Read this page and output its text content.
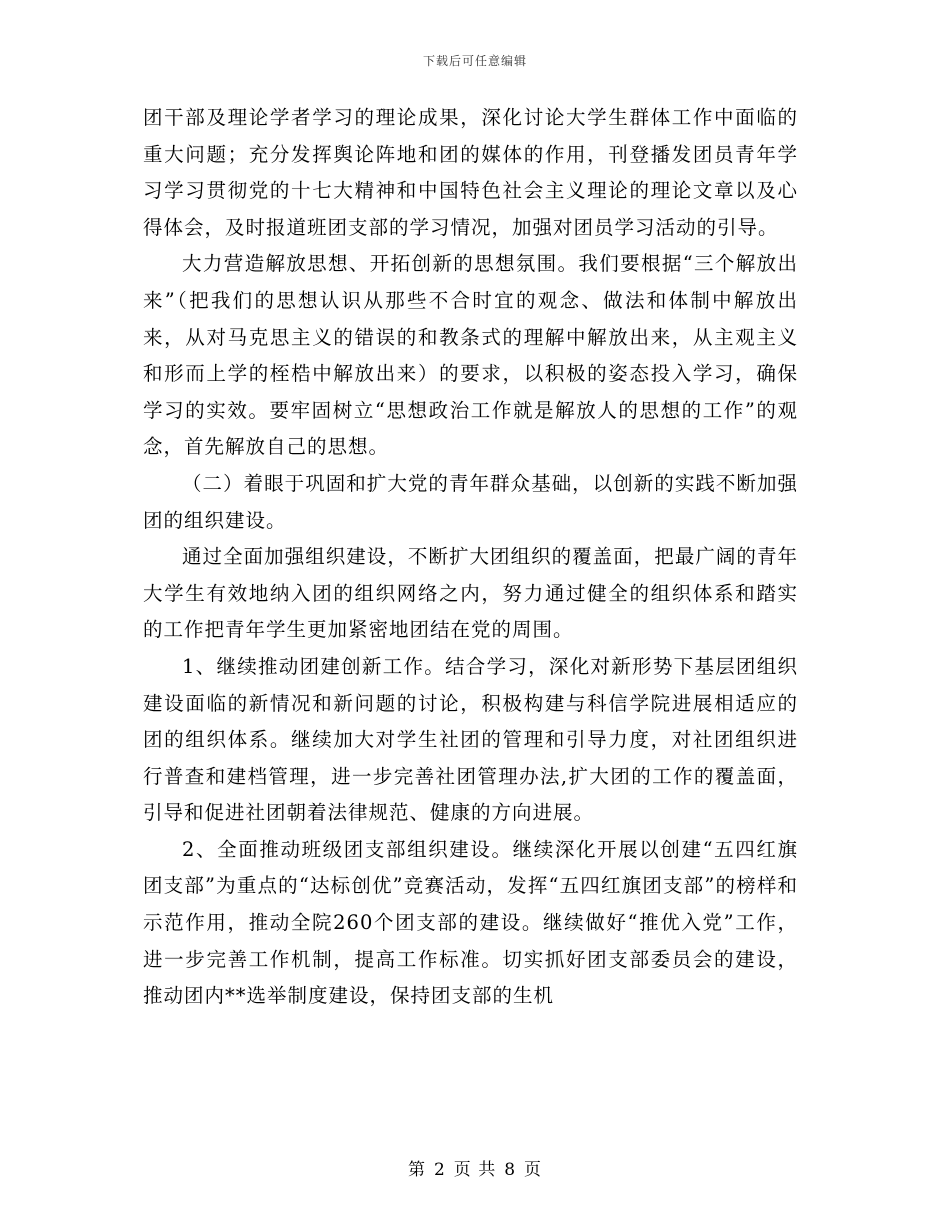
下载后可任意编辑

团干部及理论学者学习的理论成果，深化讨论大学生群体工作中面临的重大问题；充分发挥舆论阵地和团的媒体的作用，刊登播发团员青年学习学习贯彻党的十七大精神和中国特色社会主义理论的理论文章以及心得体会，及时报道班团支部的学习情况，加强对团员学习活动的引导。

大力营造解放思想、开拓创新的思想氛围。我们要根据“三个解放出来”（把我们的思想认识从那些不合时宜的观念、做法和体制中解放出来，从对马克思主义的错误的和教条式的理解中解放出来，从主观主义和形而上学的桎梏中解放出来）的要求，以积极的姿态投入学习，确保学习的实效。要牢固树立“思想政治工作就是解放人的思想的工作”的观念，首先解放自己的思想。

（二）着眼于巩固和扩大党的青年群众基础，以创新的实践不断加强团的组织建设。

通过全面加强组织建设，不断扩大团组织的覆盖面，把最广阔的青年大学生有效地纳入团的组织网络之内，努力通过健全的组织体系和踏实的工作把青年学生更加紧密地团结在党的周围。

1、继续推动团建创新工作。结合学习，深化对新形势下基层团组织建设面临的新情况和新问题的讨论，积极构建与科信学院进展相适应的团的组织体系。继续加大对学生社团的管理和引导力度，对社团组织进行普查和建档管理，进一步完善社团管理办法,扩大团的工作的覆盖面，引导和促进社团朝着法律规范、健康的方向进展。

2、全面推动班级团支部组织建设。继续深化开展以创建“五四红旗团支部”为重点的“达标创优”竞赛活动，发挥“五四红旗团支部”的榜样和示范作用，推动全院260个团支部的建设。继续做好“推优入党”工作，进一步完善工作机制，提高工作标准。切实抓好团支部委员会的建设，推动团内**选举制度建设，保持团支部的生机

第 2 页 共 8 页
